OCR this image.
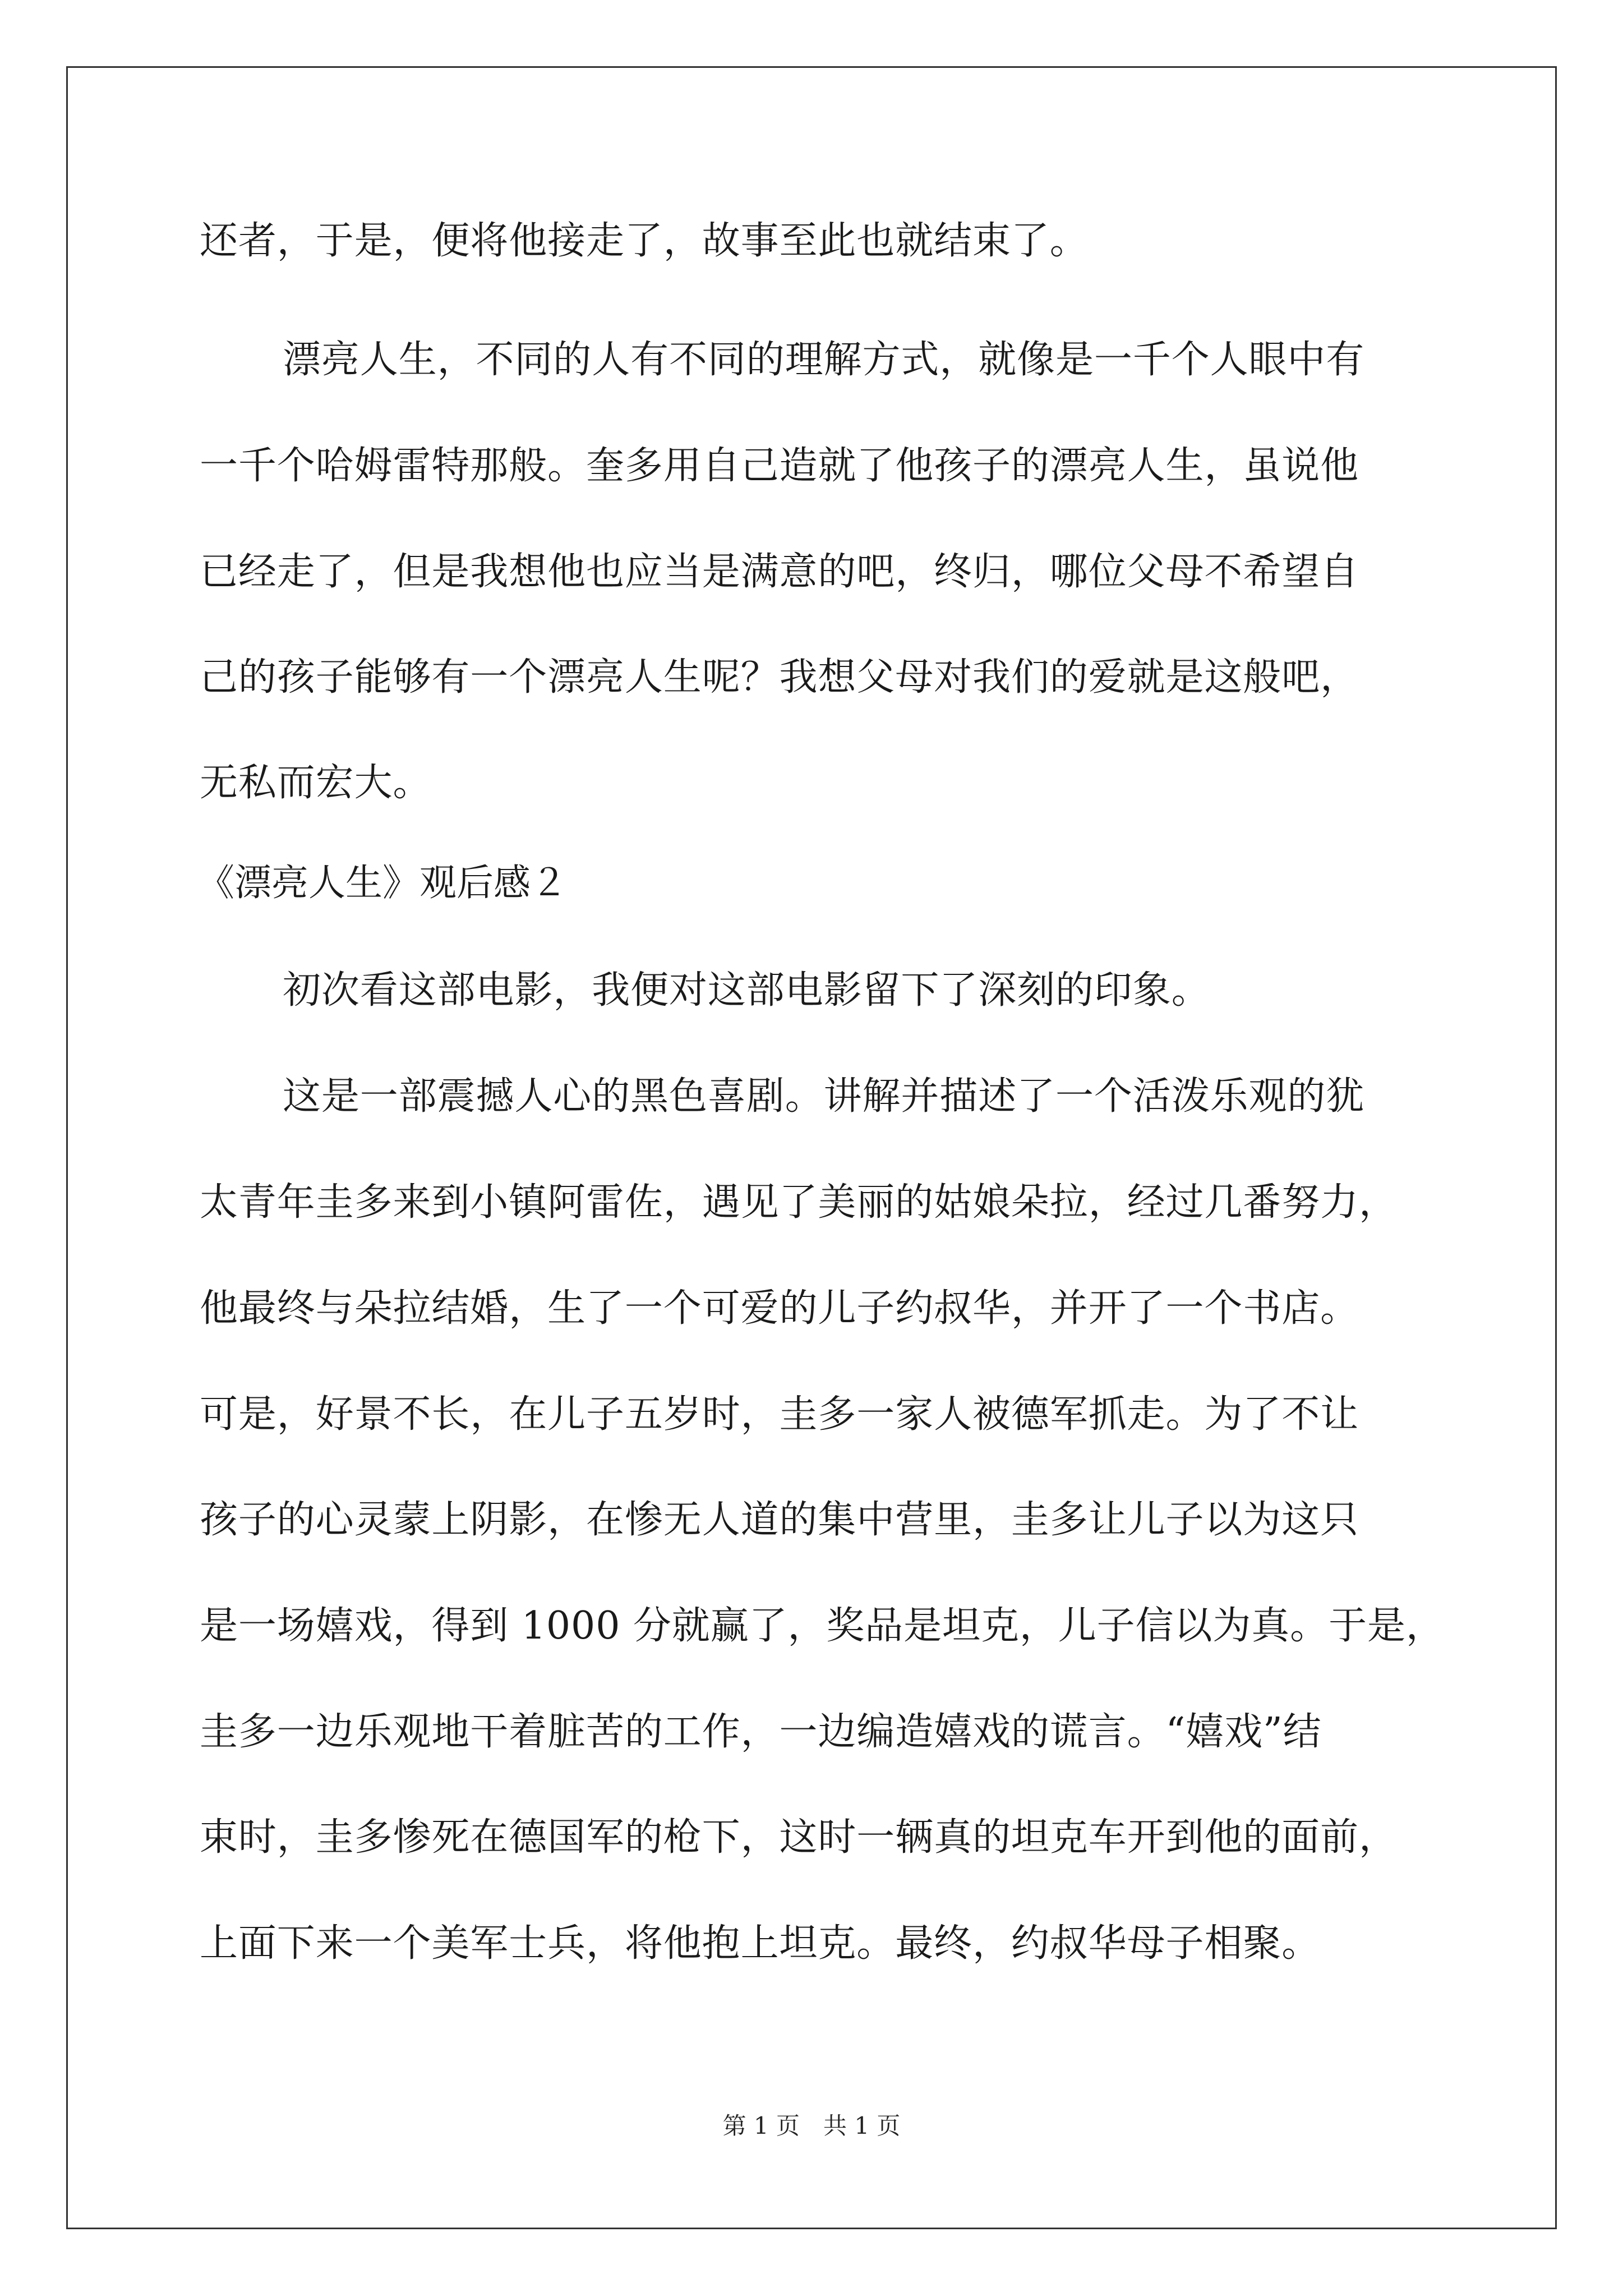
还者，于是，便将他接走了，故事至此也就结束了。
漂亮人生，不同的人有不同的理解方式，就像是一千个人眼中有
一千个哈姆雷特那般。奎多用自己造就了他孩子的漂亮人生，虽说他
已经走了，但是我想他也应当是满意的吧，终归，哪位父母不希望自
己的孩子能够有一个漂亮人生呢？我想父母对我们的爱就是这般吧，
无私而宏大。
《漂亮人生》观后感２
初次看这部电影，我便对这部电影留下了深刻的印象。
这是一部震撼人心的黑色喜剧。讲解并描述了一个活泼乐观的犹
太青年圭多来到小镇阿雷佐，遇见了美丽的姑娘朵拉，经过几番努力，
他最终与朵拉结婚，生了一个可爱的儿子约叔华，并开了一个书店。
可是，好景不长，在儿子五岁时，圭多一家人被德军抓走。为了不让
孩子的心灵蒙上阴影，在惨无人道的集中营里，圭多让儿子以为这只
是一场嬉戏，得到 1000 分就赢了，奖品是坦克，儿子信以为真。于是，
圭多一边乐观地干着脏苦的工作，一边编造嬉戏的谎言。“嬉戏”结
束时，圭多惨死在德国军的枪下，这时一辆真的坦克车开到他的面前，
上面下来一个美军士兵，将他抱上坦克。最终，约叔华母子相聚。
第 1 页　共 1 页
